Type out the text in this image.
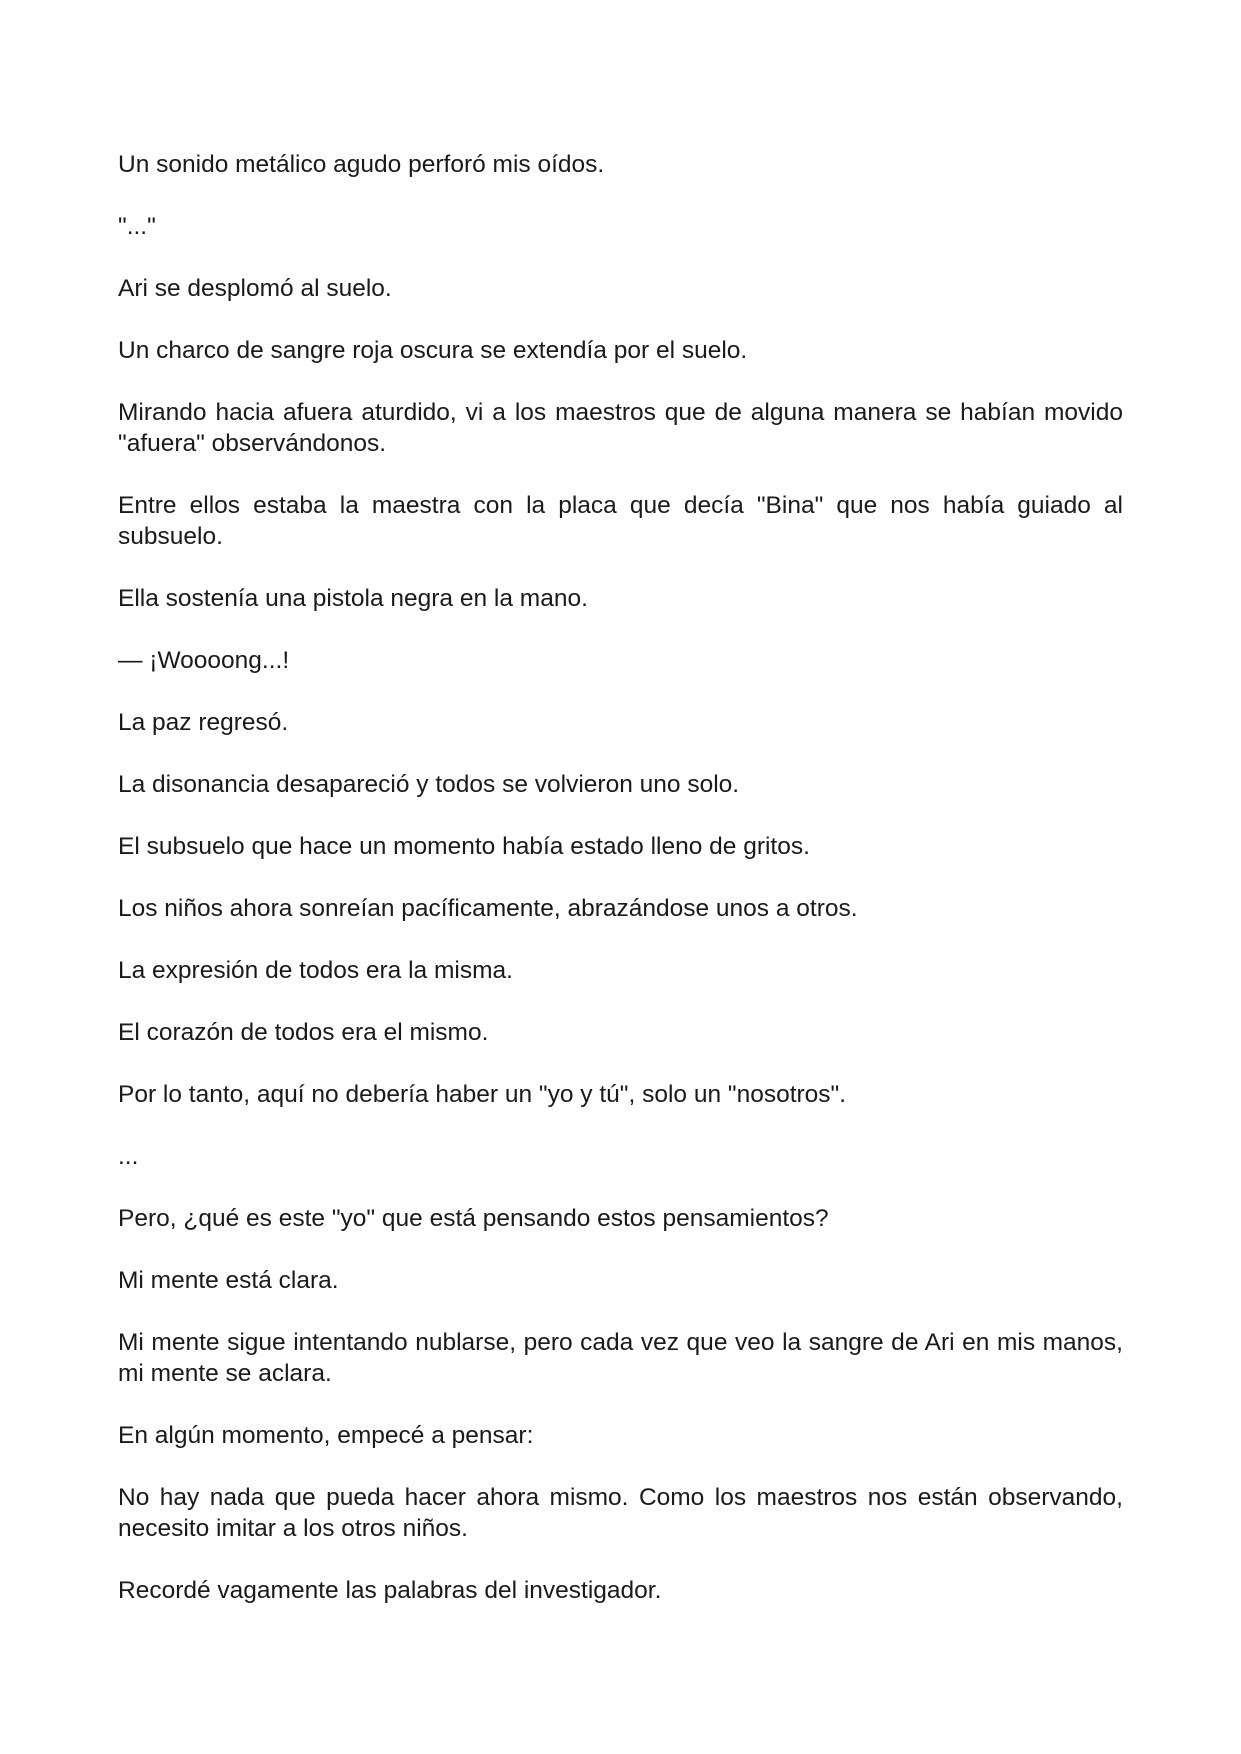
Un sonido metálico agudo perforó mis oídos.

"..."

Ari se desplomó al suelo.

Un charco de sangre roja oscura se extendía por el suelo.

Mirando hacia afuera aturdido, vi a los maestros que de alguna manera se habían movido "afuera" observándonos.

Entre ellos estaba la maestra con la placa que decía "Bina" que nos había guiado al subsuelo.

Ella sostenía una pistola negra en la mano.

— ¡Woooong...!

La paz regresó.

La disonancia desapareció y todos se volvieron uno solo.

El subsuelo que hace un momento había estado lleno de gritos.

Los niños ahora sonreían pacíficamente, abrazándose unos a otros.

La expresión de todos era la misma.

El corazón de todos era el mismo.

Por lo tanto, aquí no debería haber un "yo y tú", solo un "nosotros".

...

Pero, ¿qué es este "yo" que está pensando estos pensamientos?

Mi mente está clara.

Mi mente sigue intentando nublarse, pero cada vez que veo la sangre de Ari en mis manos, mi mente se aclara.

En algún momento, empecé a pensar:

No hay nada que pueda hacer ahora mismo. Como los maestros nos están observando, necesito imitar a los otros niños.

Recordé vagamente las palabras del investigador.
